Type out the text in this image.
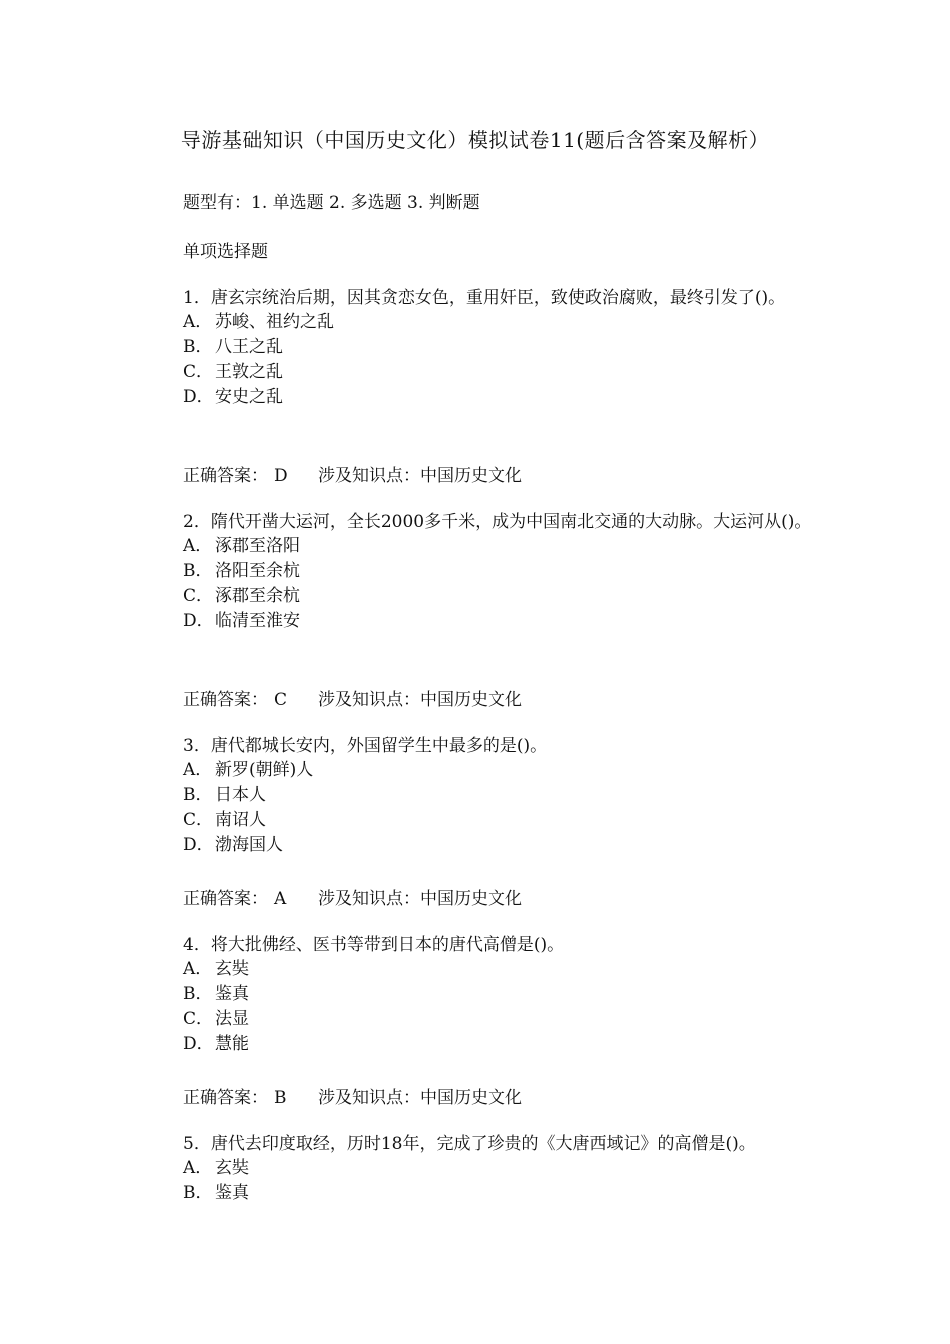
导游基础知识（中国历史文化）模拟试卷11(题后含答案及解析）
题型有：1. 单选题 2. 多选题 3. 判断题
单项选择题
1．唐玄宗统治后期，因其贪恋女色，重用奸臣，致使政治腐败，最终引发了()。
A． 苏峻、祖约之乱
B． 八王之乱
C． 王敦之乱
D．安史之乱
正确答案： D 涉及知识点：中国历史文化
2．隋代开凿大运河，全长2000多千米，成为中国南北交通的大动脉。大运河从()。
A． 涿郡至洛阳
B． 洛阳至余杭
C． 涿郡至余杭
D．临清至淮安
正确答案： C 涉及知识点：中国历史文化
3．唐代都城长安内，外国留学生中最多的是()。
A． 新罗(朝鲜)人
B． 日本人
C． 南诏人
D．渤海国人
正确答案： A 涉及知识点：中国历史文化
4．将大批佛经、医书等带到日本的唐代高僧是()。
A． 玄奘
B． 鉴真
C． 法显
D．慧能
正确答案： B 涉及知识点：中国历史文化
5．唐代去印度取经，历时18年，完成了珍贵的《大唐西域记》的高僧是()。
A． 玄奘
B． 鉴真
